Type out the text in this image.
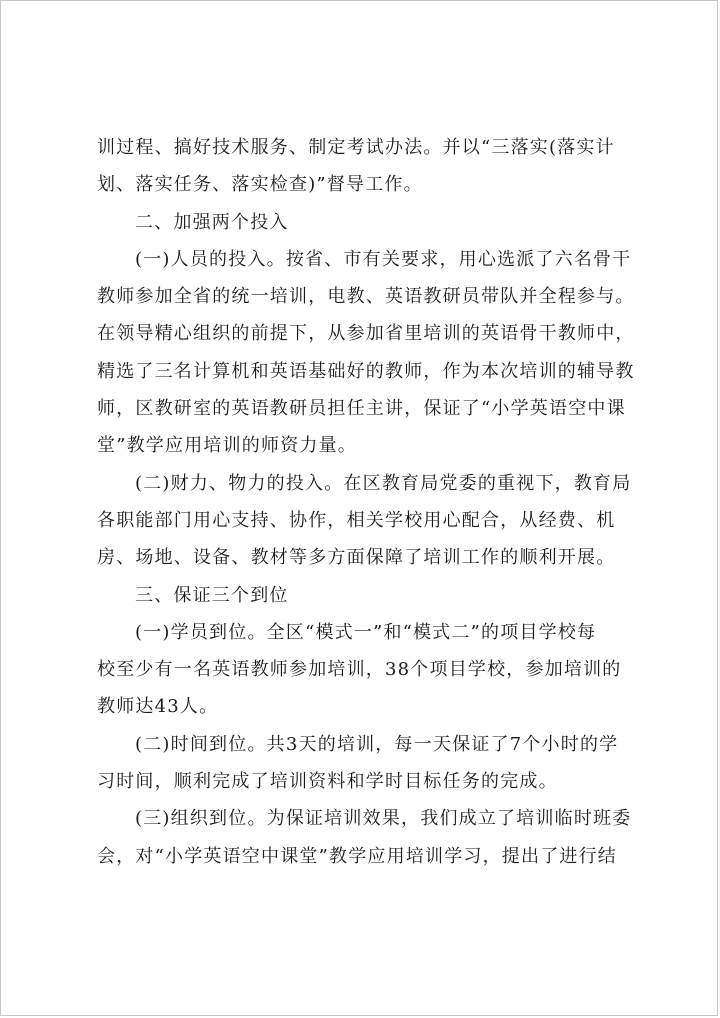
训过程、搞好技术服务、制定考试办法。并以“三落实(落实计
划、落实任务、落实检查)”督导工作。
二、加强两个投入
(一)人员的投入。按省、市有关要求，用心选派了六名骨干
教师参加全省的统一培训，电教、英语教研员带队并全程参与。
在领导精心组织的前提下，从参加省里培训的英语骨干教师中，
精选了三名计算机和英语基础好的教师，作为本次培训的辅导教
师，区教研室的英语教研员担任主讲，保证了“小学英语空中课
堂”教学应用培训的师资力量。
(二)财力、物力的投入。在区教育局党委的重视下，教育局
各职能部门用心支持、协作，相关学校用心配合，从经费、机
房、场地、设备、教材等多方面保障了培训工作的顺利开展。
三、保证三个到位
(一)学员到位。全区“模式一”和“模式二”的项目学校每
校至少有一名英语教师参加培训，38个项目学校，参加培训的
教师达43人。
(二)时间到位。共3天的培训，每一天保证了7个小时的学
习时间，顺利完成了培训资料和学时目标任务的完成。
(三)组织到位。为保证培训效果，我们成立了培训临时班委
会，对“小学英语空中课堂”教学应用培训学习，提出了进行结
